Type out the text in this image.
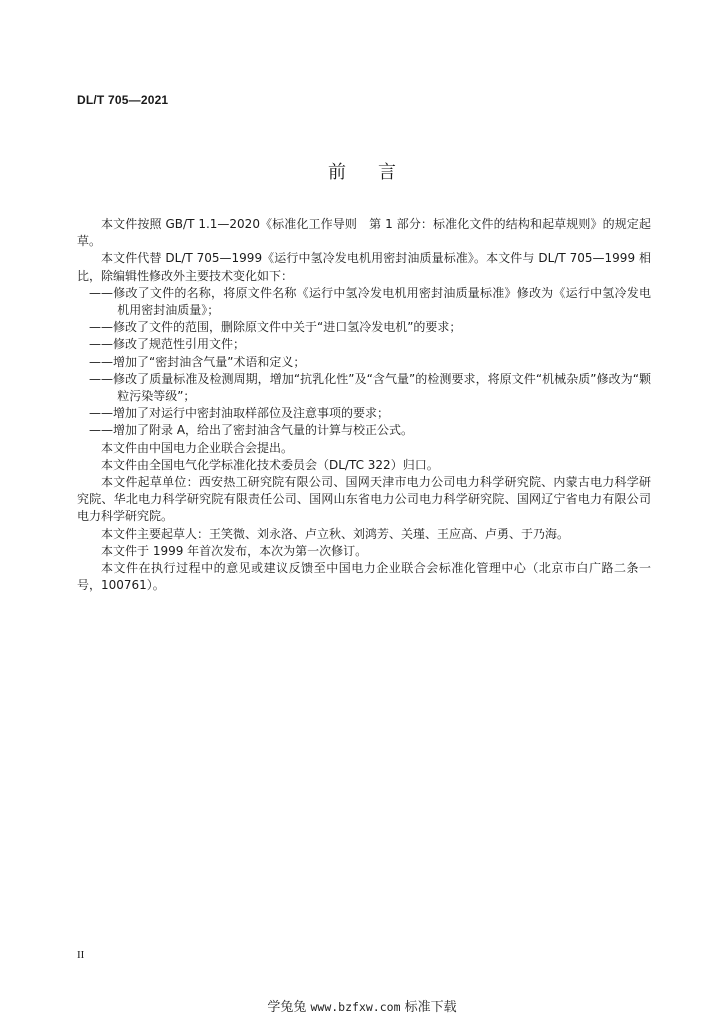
DL/T 705—2021
前言

本文件按照 GB/T 1.1—2020《标准化工作导则　第 1 部分：标准化文件的结构和起草规则》的规定起草。

本文件代替 DL/T 705—1999《运行中氢冷发电机用密封油质量标准》。本文件与 DL/T 705—1999 相比，除编辑性修改外主要技术变化如下：

——修改了文件的名称，将原文件名称《运行中氢冷发电机用密封油质量标准》修改为《运行中氢冷发电机用密封油质量》；

——修改了文件的范围，删除原文件中关于“进口氢冷发电机”的要求；

——修改了规范性引用文件；

——增加了“密封油含气量”术语和定义；

——修改了质量标准及检测周期，增加“抗乳化性”及“含气量”的检测要求，将原文件“机械杂质”修改为“颗粒污染等级”；

——增加了对运行中密封油取样部位及注意事项的要求；

——增加了附录 A，给出了密封油含气量的计算与校正公式。

本文件由中国电力企业联合会提出。

本文件由全国电气化学标准化技术委员会（DL/TC 322）归口。

本文件起草单位：西安热工研究院有限公司、国网天津市电力公司电力科学研究院、内蒙古电力科学研究院、华北电力科学研究院有限责任公司、国网山东省电力公司电力科学研究院、国网辽宁省电力有限公司电力科学研究院。

本文件主要起草人：王笑微、刘永洛、卢立秋、刘鸿芳、关瑾、王应高、卢勇、于乃海。

本文件于 1999 年首次发布，本次为第一次修订。

本文件在执行过程中的意见或建议反馈至中国电力企业联合会标准化管理中心（北京市白广路二条一号，100761）。

II
学兔兔 www.bzfxw.com 标准下载
